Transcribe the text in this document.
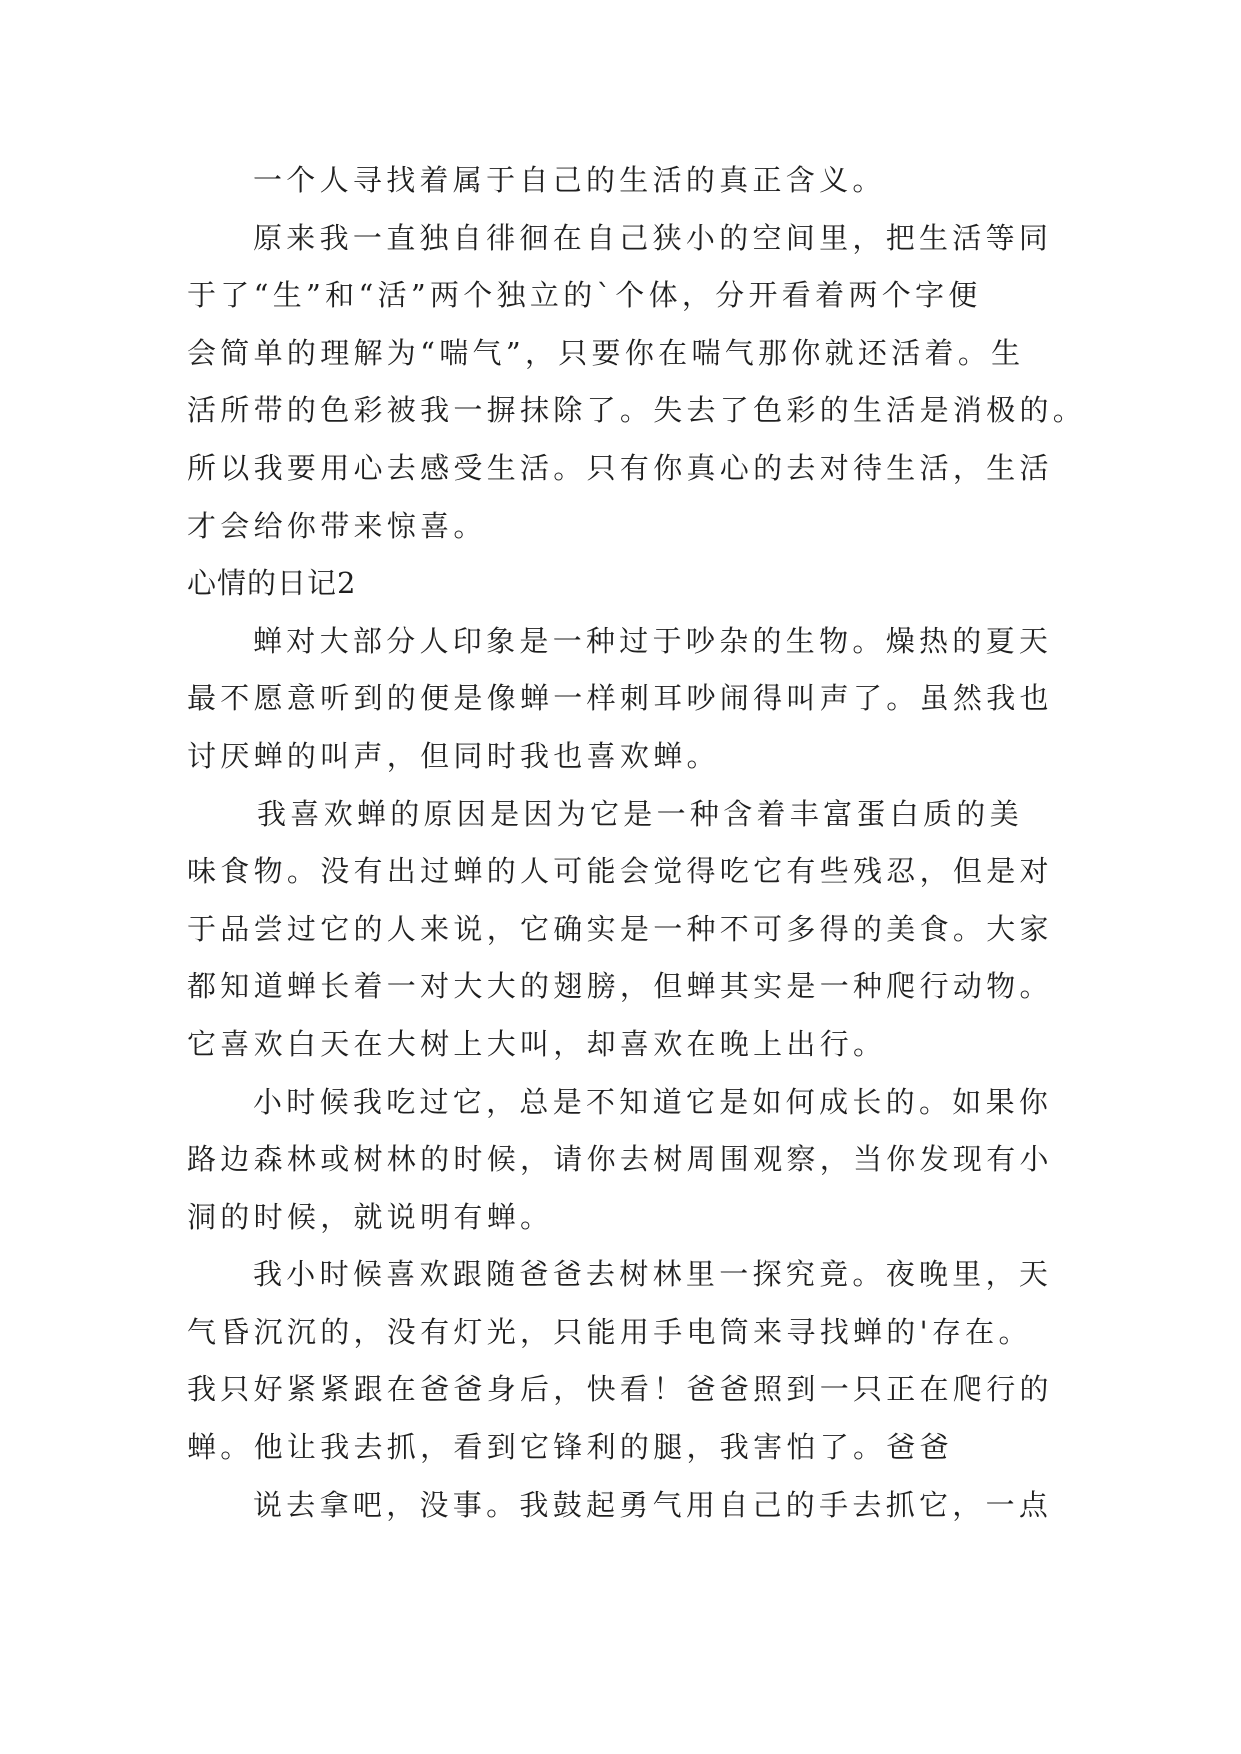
一个人寻找着属于自己的生活的真正含义。
原来我一直独自徘徊在自己狭小的空间里，把生活等同
于了“生”和“活”两个独立的`个体，分开看着两个字便
会简单的理解为“喘气”，只要你在喘气那你就还活着。生
活所带的色彩被我一摒抹除了。失去了色彩的生活是消极的。
所以我要用心去感受生活。只有你真心的去对待生活，生活
才会给你带来惊喜。
心情的日记2
蝉对大部分人印象是一种过于吵杂的生物。燥热的夏天
最不愿意听到的便是像蝉一样刺耳吵闹得叫声了。虽然我也
讨厌蝉的叫声，但同时我也喜欢蝉。
我喜欢蝉的原因是因为它是一种含着丰富蛋白质的美
味食物。没有出过蝉的人可能会觉得吃它有些残忍，但是对
于品尝过它的人来说，它确实是一种不可多得的美食。大家
都知道蝉长着一对大大的翅膀，但蝉其实是一种爬行动物。
它喜欢白天在大树上大叫，却喜欢在晚上出行。
小时候我吃过它，总是不知道它是如何成长的。如果你
路边森林或树林的时候，请你去树周围观察，当你发现有小
洞的时候，就说明有蝉。
我小时候喜欢跟随爸爸去树林里一探究竟。夜晚里，天
气昏沉沉的，没有灯光，只能用手电筒来寻找蝉的'存在。
我只好紧紧跟在爸爸身后，快看！爸爸照到一只正在爬行的
蝉。他让我去抓，看到它锋利的腿，我害怕了。爸爸
说去拿吧，没事。我鼓起勇气用自己的手去抓它，一点
